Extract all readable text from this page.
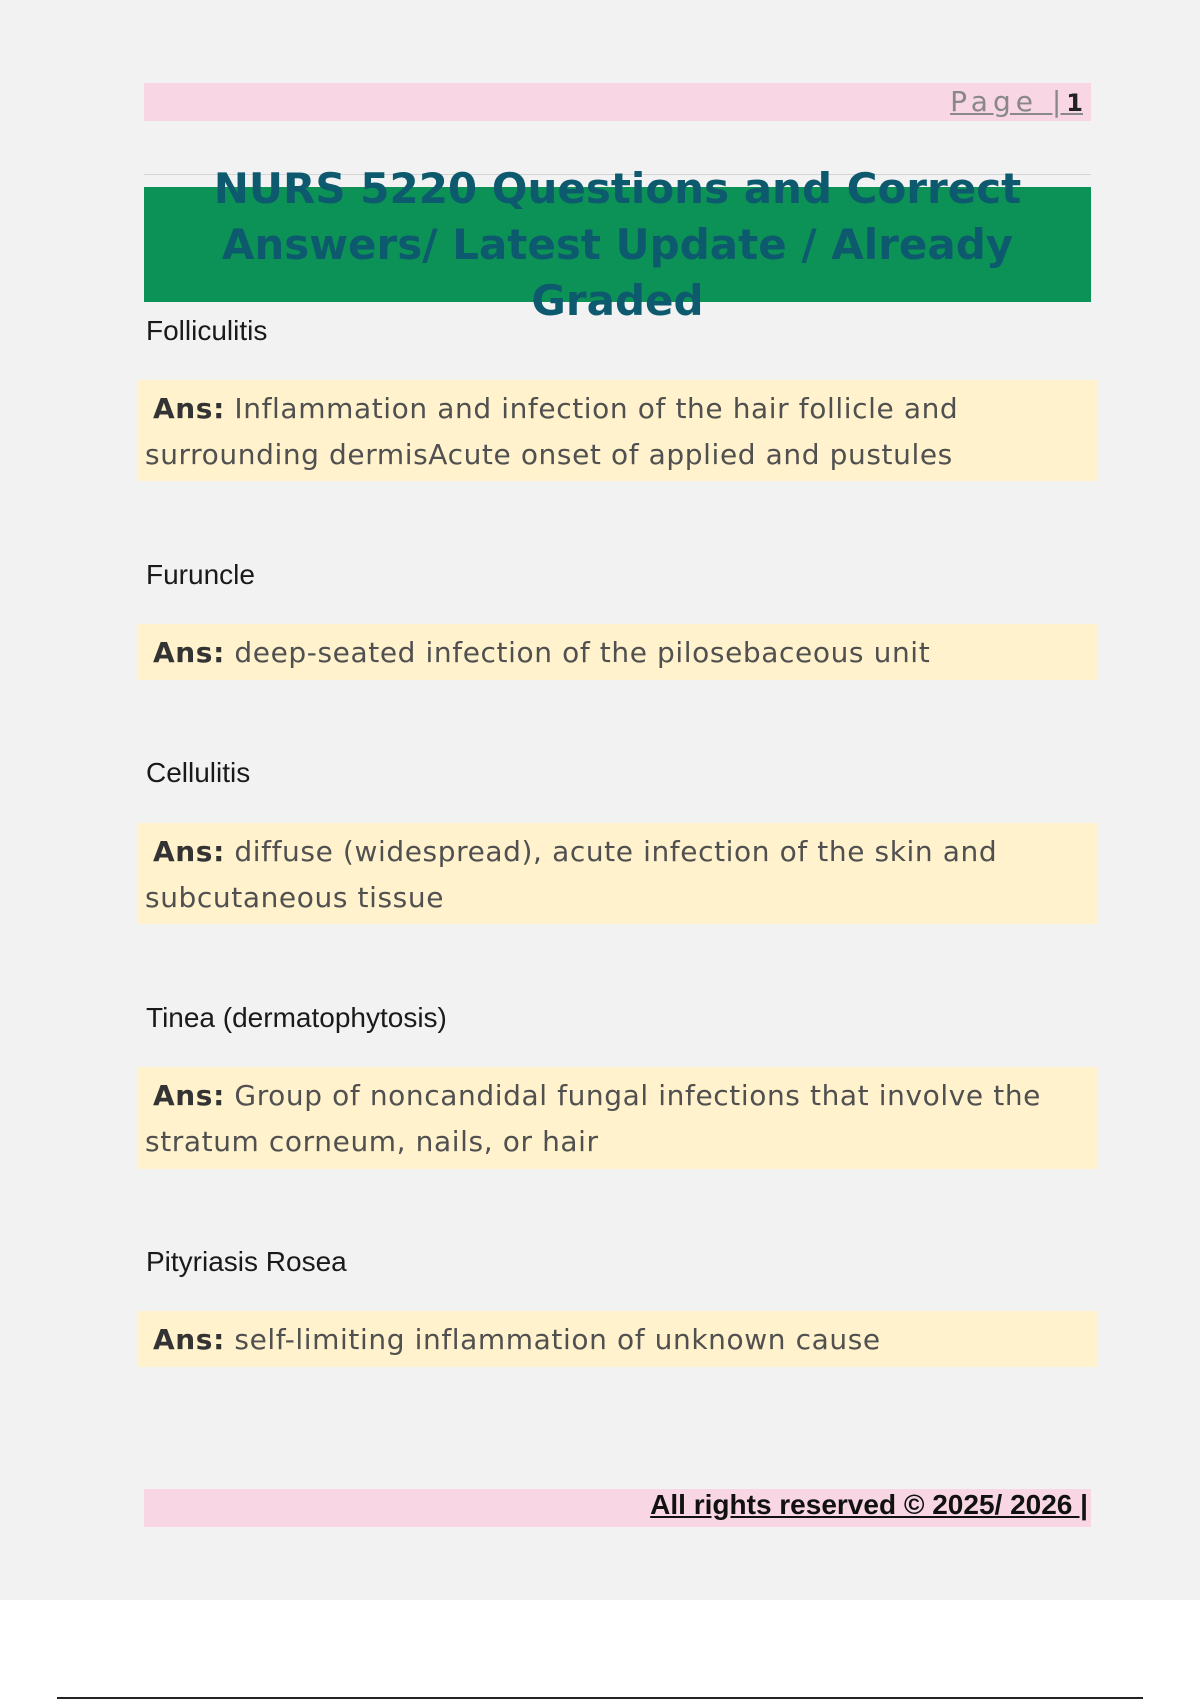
Page |1
NURS 5220 Questions and Correct Answers/ Latest Update / Already Graded
Folliculitis

Ans: Inflammation and infection of the hair follicle and surrounding dermisAcute onset of applied and pustules

Furuncle

Ans: deep-seated infection of the pilosebaceous unit

Cellulitis

Ans: diffuse (widespread), acute infection of the skin and subcutaneous tissue

Tinea (dermatophytosis)

Ans: Group of noncandidal fungal infections that involve the stratum corneum, nails, or hair

Pityriasis Rosea

Ans: self-limiting inflammation of unknown cause

All rights reserved © 2025/ 2026 |
